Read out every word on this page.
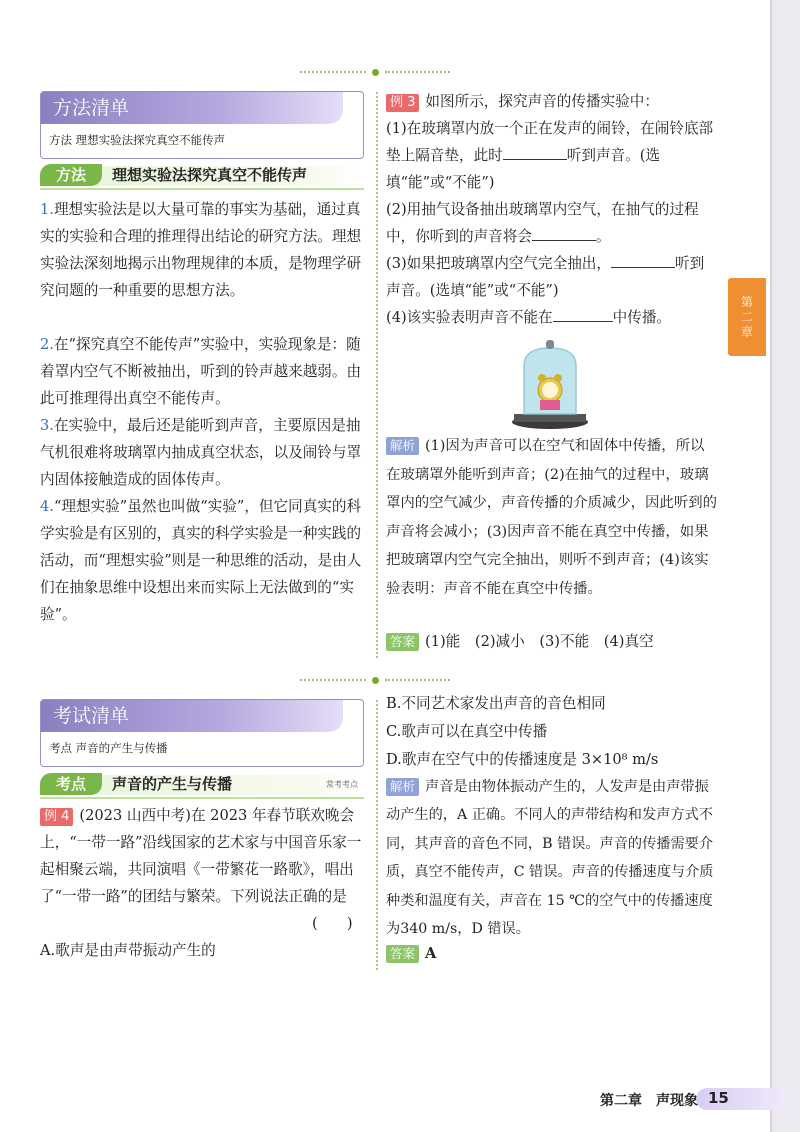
方法清单
方法 理想实验法探究真空不能传声
方法	理想实验法探究真空不能传声
1.理想实验法是以大量可靠的事实为基础，通过真实的实验和合理的推理得出结论的研究方法。理想实验法深刻地揭示出物理规律的本质，是物理学研究问题的一种重要的思想方法。
2.在“探究真空不能传声”实验中，实验现象是：随着罩内空气不断被抽出，听到的铃声越来越弱。由此可推理得出真空不能传声。
3.在实验中，最后还是能听到声音，主要原因是抽气机很难将玻璃罩内抽成真空状态，以及闹铃与罩内固体接触造成的固体传声。
4.“理想实验”虽然也叫做“实验”，但它同真实的科学实验是有区别的，真实的科学实验是一种实践的活动，而“理想实验”则是一种思维的活动，是由人们在抽象思维中设想出来而实际上无法做到的“实验”。
例 3 如图所示，探究声音的传播实验中：
(1)在玻璃罩内放一个正在发声的闹铃，在闹铃底部垫上隔音垫，此时	听到声音。(选填“能”或“不能”)
(2)用抽气设备抽出玻璃罩内空气，在抽气的过程中，你听到的声音将会	。
(3)如果把玻璃罩内空气完全抽出，	听到声音。(选填“能”或“不能”)
(4)该实验表明声音不能在	中传播。
解析 (1)因为声音可以在空气和固体中传播，所以在玻璃罩外能听到声音；(2)在抽气的过程中，玻璃罩内的空气减少，声音传播的介质减少，因此听到的声音将会减小；(3)因声音不能在真空中传播，如果把玻璃罩内空气完全抽出，则听不到声音；(4)该实验表明：声音不能在真空中传播。
答案 (1)能　(2)减小　(3)不能　(4)真空
第
二
章
考试清单
考点 声音的产生与传播
考点	声音的产生与传播	常考考点
例 4 (2023 山西中考)在 2023 年春节联欢晚会上，“一带一路”沿线国家的艺术家与中国音乐家一起相聚云端，共同演唱《一带繁花一路歌》，唱出了“一带一路”的团结与繁荣。下列说法正确的是
(　　)
A.歌声是由声带振动产生的
B.不同艺术家发出声音的音色相同
C.歌声可以在真空中传播
D.歌声在空气中的传播速度是 3×10⁸ m/s
解析 声音是由物体振动产生的，人发声是由声带振动产生的，A 正确。不同人的声带结构和发声方式不同，其声音的音色不同，B 错误。声音的传播需要介质，真空不能传声，C 错误。声音的传播速度与介质种类和温度有关，声音在 15 ℃的空气中的传播速度为340 m/s，D 错误。
答案 A
第二章　声现象 15
